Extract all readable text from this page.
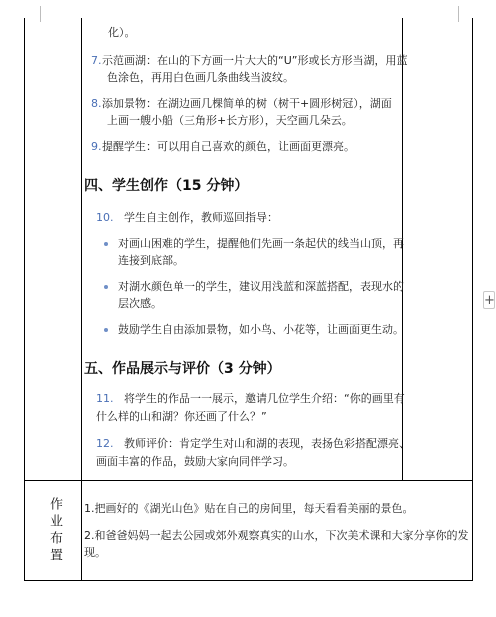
化）。
7. 示范画湖：在山的下方画一片大大的“U”形或长方形当湖，用蓝
色涂色，再用白色画几条曲线当波纹。
8. 添加景物：在湖边画几棵简单的树（树干+圆形树冠），湖面
上画一艘小船（三角形+长方形），天空画几朵云。
9. 提醒学生：可以用自己喜欢的颜色，让画面更漂亮。
四、学生创作（15 分钟）
10. 学生自主创作，教师巡回指导：
对画山困难的学生，提醒他们先画一条起伏的线当山顶，再
连接到底部。
对湖水颜色单一的学生，建议用浅蓝和深蓝搭配，表现水的
层次感。
鼓励学生自由添加景物，如小鸟、小花等，让画面更生动。
五、作品展示与评价（3 分钟）
11. 将学生的作品一一展示，邀请几位学生介绍：“你的画里有
什么样的山和湖？你还画了什么？”
12. 教师评价：肯定学生对山和湖的表现，表扬色彩搭配漂亮、
画面丰富的作品，鼓励大家向同伴学习。
作业布置 1.把画好的《湖光山色》贴在自己的房间里，每天看看美丽的景色。
2.和爸爸妈妈一起去公园或郊外观察真实的山水，下次美术课和大家分享你的发
现。
+
